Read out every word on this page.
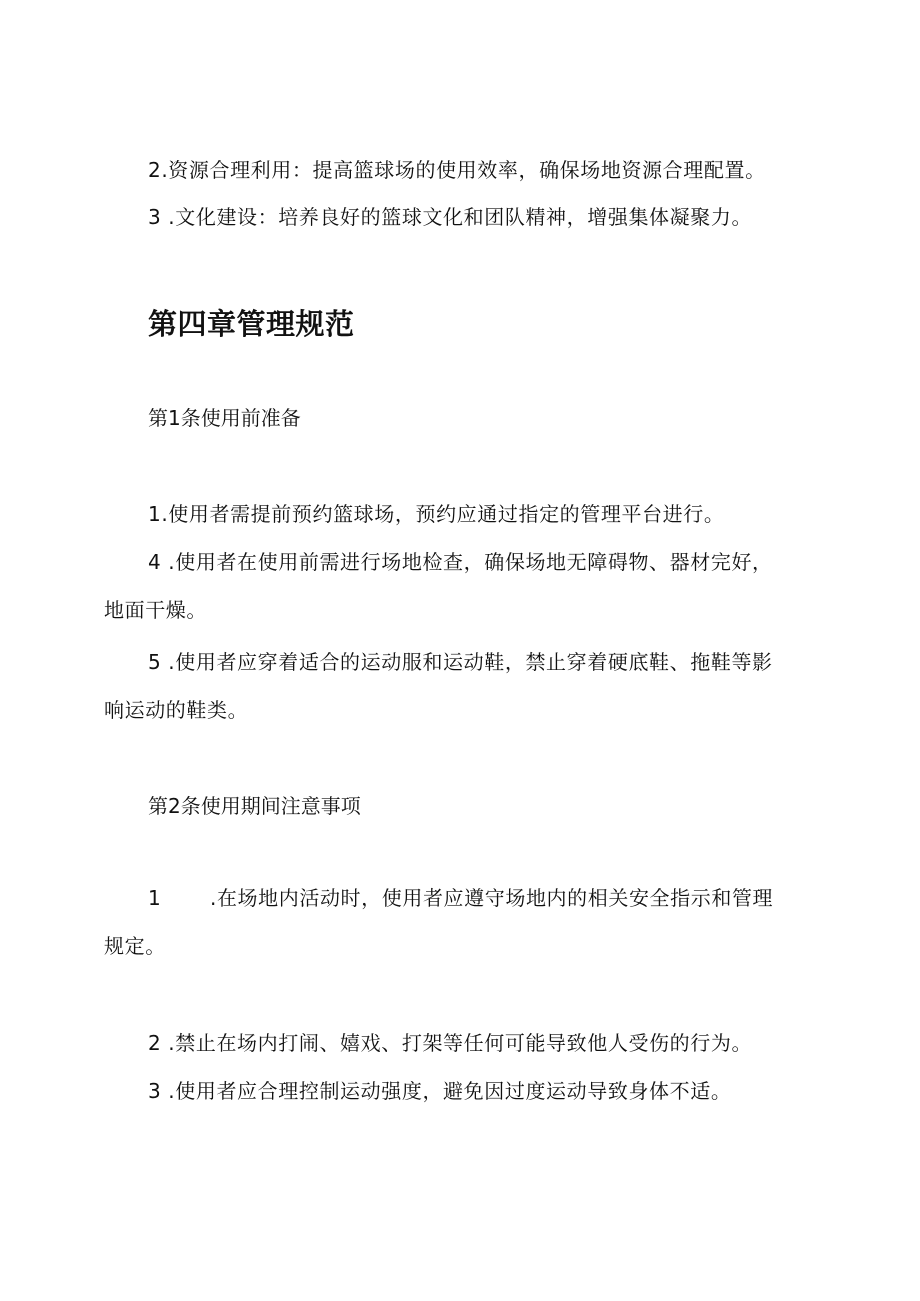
2.资源合理利用：提高篮球场的使用效率，确保场地资源合理配置。
3 .文化建设：培养良好的篮球文化和团队精神，增强集体凝聚力。
第四章管理规范
第1条使用前准备
1.使用者需提前预约篮球场，预约应通过指定的管理平台进行。
4 .使用者在使用前需进行场地检查，确保场地无障碍物、器材完好，
地面干燥。
5 .使用者应穿着适合的运动服和运动鞋，禁止穿着硬底鞋、拖鞋等影
响运动的鞋类。
第2条使用期间注意事项
1 .在场地内活动时，使用者应遵守场地内的相关安全指示和管理
规定。
2 .禁止在场内打闹、嬉戏、打架等任何可能导致他人受伤的行为。
3 .使用者应合理控制运动强度，避免因过度运动导致身体不适。
